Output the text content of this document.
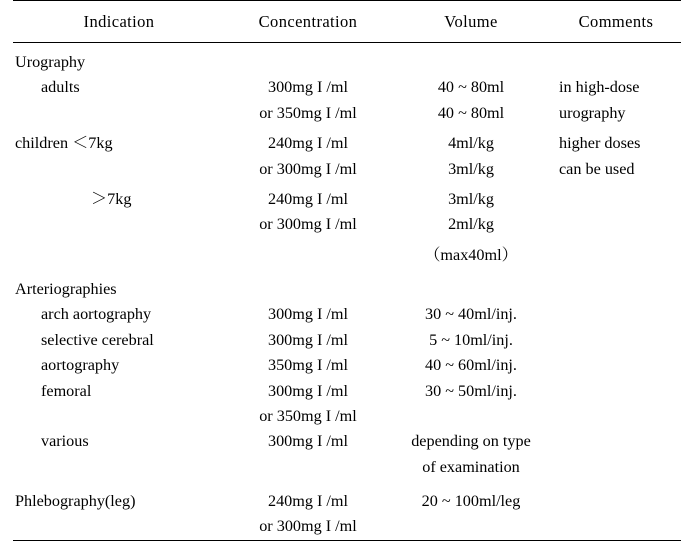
Indication	Concentration	Volume	Comments
Urography			
adults	300mg I /ml	40 ~ 80ml	in high-dose
	or 350mg I /ml	40 ~ 80ml	urography
children ＜7kg	240mg I /ml	4ml/kg	higher doses
	or 300mg I /ml	3ml/kg	can be used
＞7kg	240mg I /ml	3ml/kg	
	or 300mg I /ml	2ml/kg	
		（max40ml）	

Arteriographies			
arch aortography	300mg I /ml	30 ~ 40ml/inj.	
selective cerebral	300mg I /ml	5 ~ 10ml/inj.	
aortography	350mg I /ml	40 ~ 60ml/inj.	
femoral	300mg I /ml	30 ~ 50ml/inj.	
	or 350mg I /ml		
various	300mg I /ml	depending on type	
		of examination	

Phlebography(leg)	240mg I /ml	20 ~ 100ml/leg	
	or 300mg I /ml		
